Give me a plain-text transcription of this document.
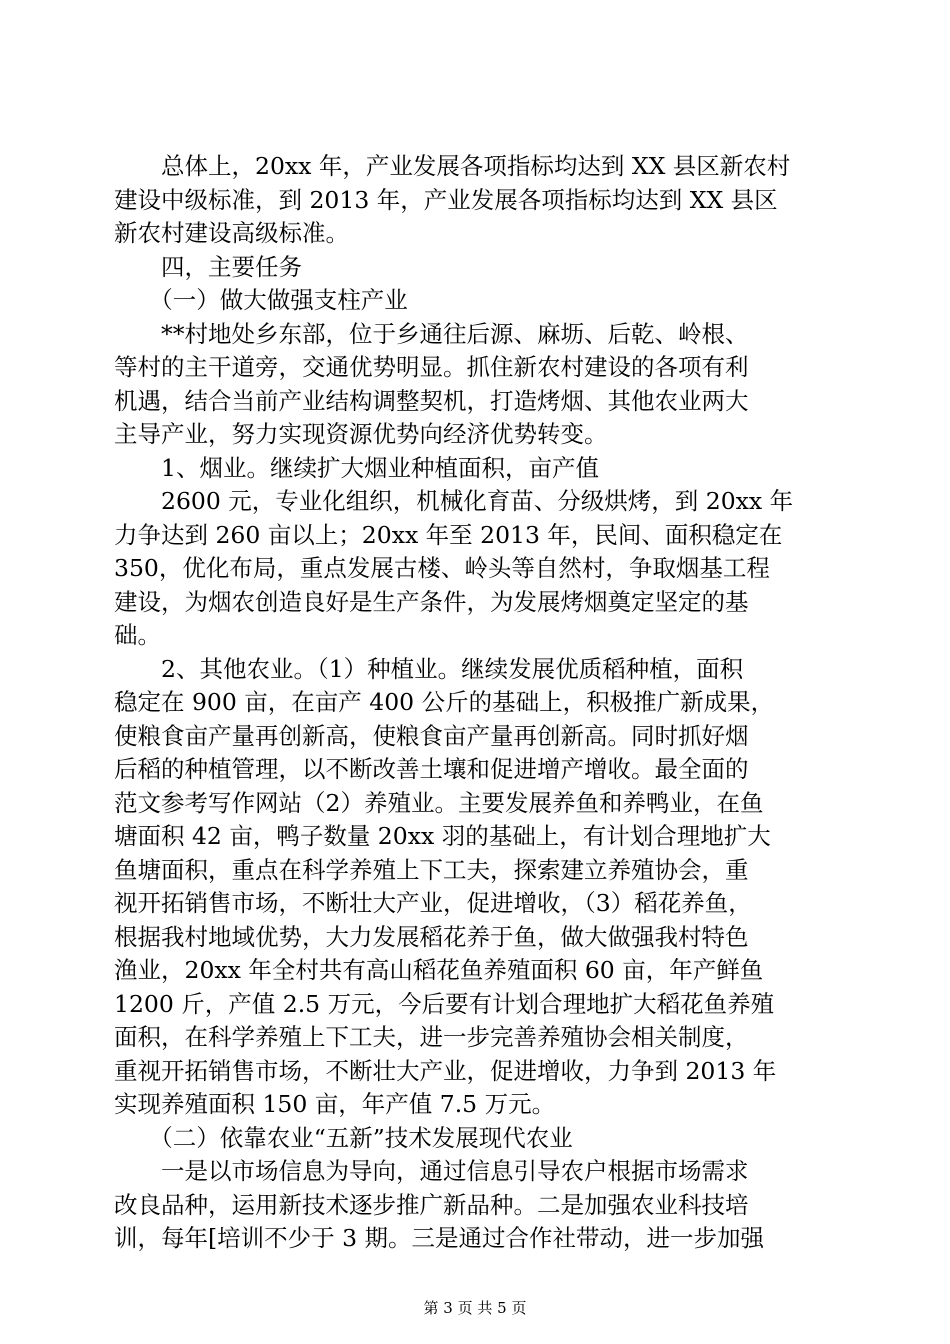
　　总体上，20xx 年，产业发展各项指标均达到 XX 县区新农村
建设中级标准，到 2013 年，产业发展各项指标均达到 XX 县区
新农村建设高级标准。
　　四，主要任务
　　（一）做大做强支柱产业
　　**村地处乡东部，位于乡通往后源、麻坜、后乾、岭根、
等村的主干道旁，交通优势明显。抓住新农村建设的各项有利
机遇，结合当前产业结构调整契机，打造烤烟、其他农业两大
主导产业，努力实现资源优势向经济优势转变。
　　1、烟业。继续扩大烟业种植面积，亩产值
　　2600 元，专业化组织，机械化育苗、分级烘烤，到 20xx 年
力争达到 260 亩以上；20xx 年至 2013 年，民间、面积稳定在
350，优化布局，重点发展古楼、岭头等自然村，争取烟基工程
建设，为烟农创造良好是生产条件，为发展烤烟奠定坚定的基
础。
　　2、其他农业。（1）种植业。继续发展优质稻种植，面积
稳定在 900 亩，在亩产 400 公斤的基础上，积极推广新成果，
使粮食亩产量再创新高，使粮食亩产量再创新高。同时抓好烟
后稻的种植管理，以不断改善土壤和促进增产增收。最全面的
范文参考写作网站（2）养殖业。主要发展养鱼和养鸭业，在鱼
塘面积 42 亩，鸭子数量 20xx 羽的基础上，有计划合理地扩大
鱼塘面积，重点在科学养殖上下工夫，探索建立养殖协会，重
视开拓销售市场，不断壮大产业，促进增收，（3）稻花养鱼，
根据我村地域优势，大力发展稻花养于鱼，做大做强我村特色
渔业，20xx 年全村共有高山稻花鱼养殖面积 60 亩，年产鲜鱼
1200 斤，产值 2.5 万元，今后要有计划合理地扩大稻花鱼养殖
面积，在科学养殖上下工夫，进一步完善养殖协会相关制度，
重视开拓销售市场，不断壮大产业，促进增收，力争到 2013 年
实现养殖面积 150 亩，年产值 7.5 万元。
　　（二）依靠农业“五新”技术发展现代农业
　　一是以市场信息为导向，通过信息引导农户根据市场需求
改良品种，运用新技术逐步推广新品种。二是加强农业科技培
训，每年[培训不少于 3 期。三是通过合作社带动，进一步加强
第 3 页 共 5 页
